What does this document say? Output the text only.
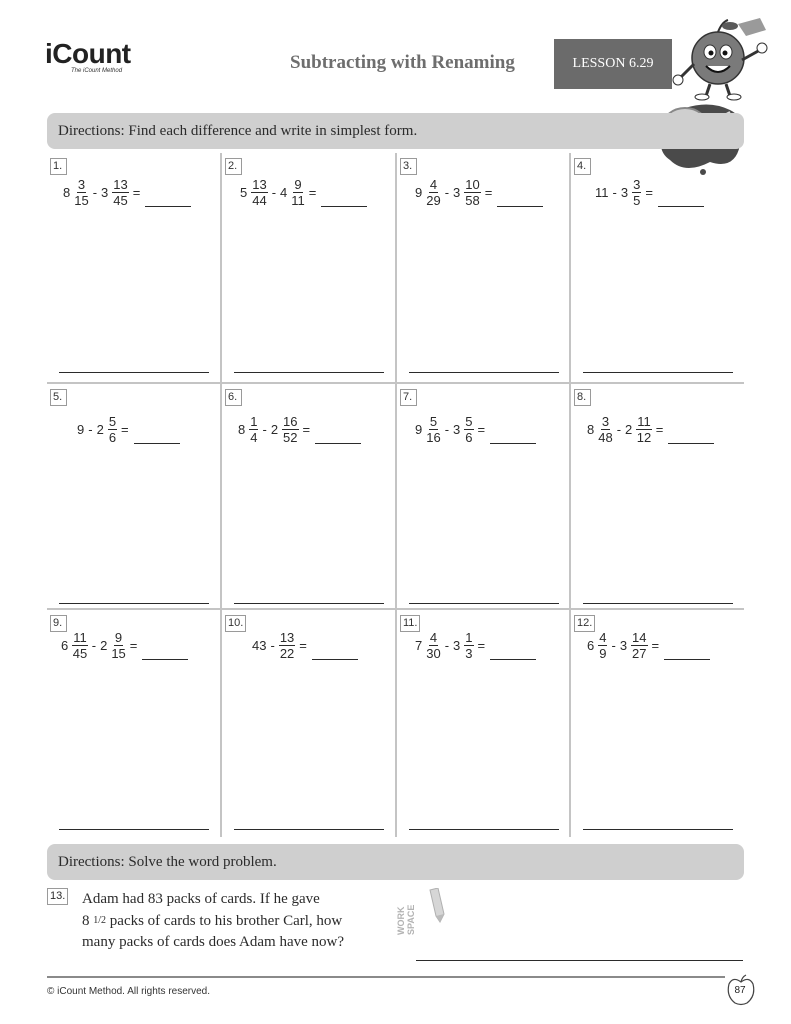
iCount
The iCount Method	Subtracting with Renaming	LESSON 6.29
Directions: Find each difference and write in simplest form.
1.
$8 \frac{3}{15} - 3 \frac{13}{45}$ =
2.
$5 \frac{13}{44} - 4 \frac{9}{11}$ =
3.
$9 \frac{4}{29} - 3 \frac{10}{58}$ =
4.
$11 - 3 \frac{3}{5}$ =
5.
$9 - 2 \frac{5}{6}$ =
6.
$8 \frac{1}{4} - 2 \frac{16}{52}$ =
7.
$9 \frac{5}{16} - 3 \frac{5}{6}$ =
8.
$8 \frac{3}{48} - 2 \frac{11}{12}$ =
9.
$6 \frac{11}{45} - 2 \frac{9}{15}$ =
10.
$43 - \frac{13}{22}$ =
11.
$7 \frac{4}{30} - 3 \frac{1}{3}$ =
12.
$6 \frac{4}{9} - 3 \frac{14}{27}$ =
Directions: Solve the word problem.
13. Adam had 83 packs of cards. If he gave
8 1/2 packs of cards to his brother Carl, how
many packs of cards does Adam have now?
WORK SPACE
© iCount Method. All rights reserved.	87
